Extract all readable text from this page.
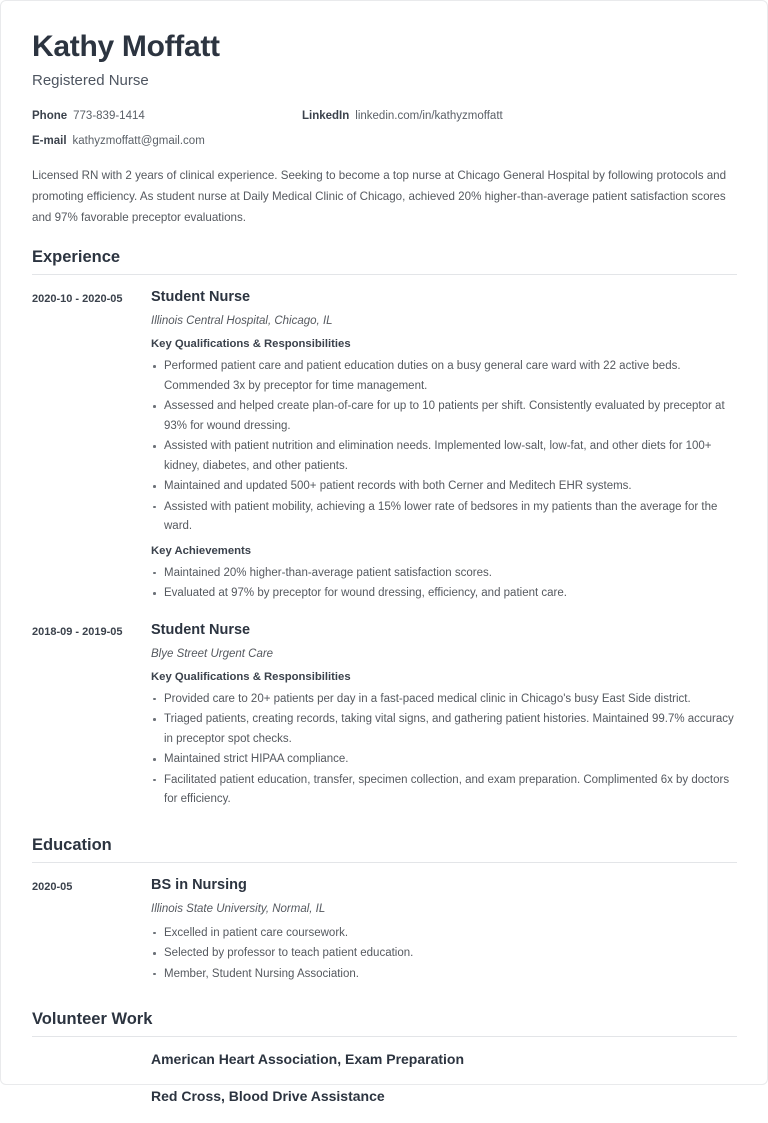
Kathy Moffatt
Registered Nurse
Phone 773-839-1414	LinkedIn linkedin.com/in/kathyzmoffatt
E-mail kathyzmoffatt@gmail.com

Licensed RN with 2 years of clinical experience. Seeking to become a top nurse at Chicago General Hospital by following protocols and promoting efficiency. As student nurse at Daily Medical Clinic of Chicago, achieved 20% higher-than-average patient satisfaction scores and 97% favorable preceptor evaluations.

Experience
2020-10 - 2020-05	Student Nurse
Illinois Central Hospital, Chicago, IL
Key Qualifications & Responsibilities
Performed patient care and patient education duties on a busy general care ward with 22 active beds. Commended 3x by preceptor for time management.
Assessed and helped create plan-of-care for up to 10 patients per shift. Consistently evaluated by preceptor at 93% for wound dressing.
Assisted with patient nutrition and elimination needs. Implemented low-salt, low-fat, and other diets for 100+ kidney, diabetes, and other patients.
Maintained and updated 500+ patient records with both Cerner and Meditech EHR systems.
Assisted with patient mobility, achieving a 15% lower rate of bedsores in my patients than the average for the ward.
Key Achievements
Maintained 20% higher-than-average patient satisfaction scores.
Evaluated at 97% by preceptor for wound dressing, efficiency, and patient care.
2018-09 - 2019-05	Student Nurse
Blye Street Urgent Care
Key Qualifications & Responsibilities
Provided care to 20+ patients per day in a fast-paced medical clinic in Chicago's busy East Side district.
Triaged patients, creating records, taking vital signs, and gathering patient histories. Maintained 99.7% accuracy in preceptor spot checks.
Maintained strict HIPAA compliance.
Facilitated patient education, transfer, specimen collection, and exam preparation. Complimented 6x by doctors for efficiency.
Education
2020-05	BS in Nursing
Illinois State University, Normal, IL
Excelled in patient care coursework.
Selected by professor to teach patient education.
Member, Student Nursing Association.
Volunteer Work
American Heart Association, Exam Preparation
Red Cross, Blood Drive Assistance
